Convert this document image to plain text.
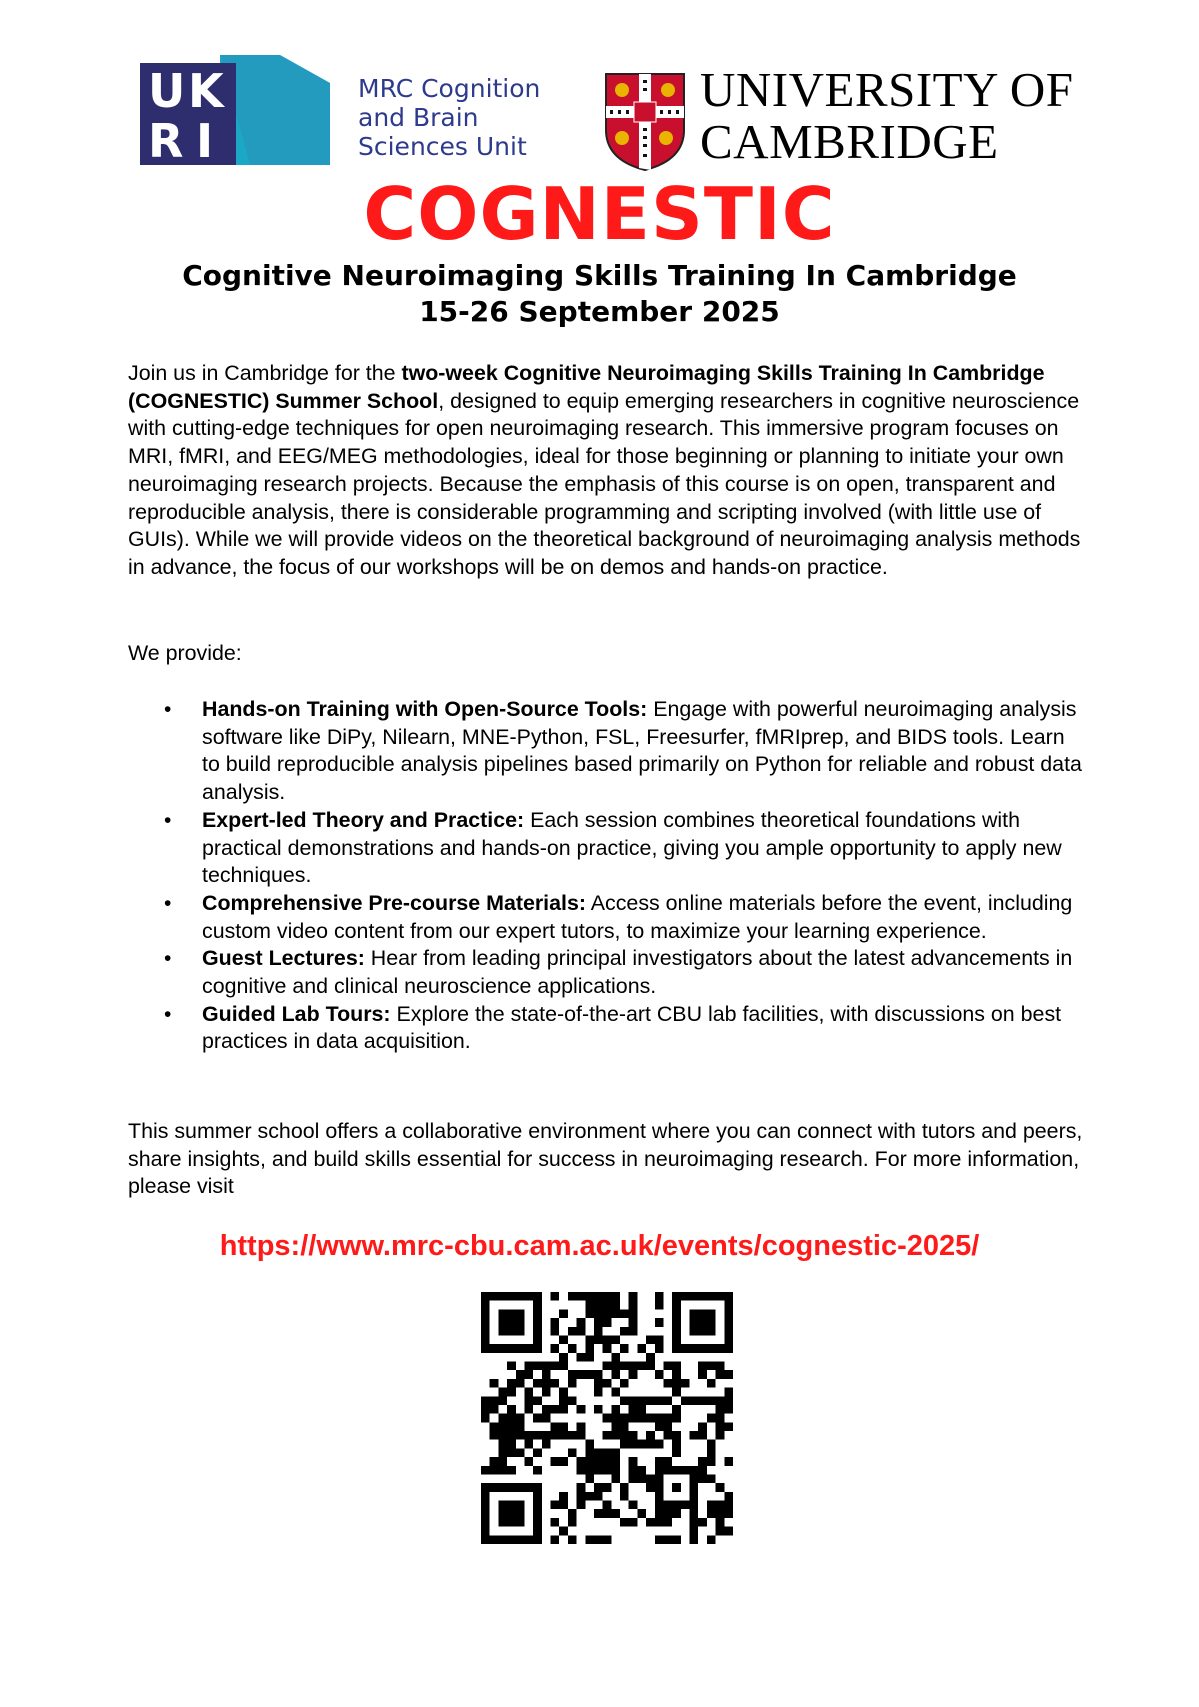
U K
R I
MRC Cognition
and Brain
Sciences Unit
UNIVERSITY OF
CAMBRIDGE
COGNESTIC
Cognitive Neuroimaging Skills Training In Cambridge
15-26 September 2025

Join us in Cambridge for the two-week Cognitive Neuroimaging Skills Training In Cambridge (COGNESTIC) Summer School, designed to equip emerging researchers in cognitive neuroscience with cutting-edge techniques for open neuroimaging research. This immersive program focuses on MRI, fMRI, and EEG/MEG methodologies, ideal for those beginning or planning to initiate your own neuroimaging research projects. Because the emphasis of this course is on open, transparent and reproducible analysis, there is considerable programming and scripting involved (with little use of GUIs). While we will provide videos on the theoretical background of neuroimaging analysis methods in advance, the focus of our workshops will be on demos and hands-on practice.

We provide:
• Hands-on Training with Open-Source Tools: Engage with powerful neuroimaging analysis software like DiPy, Nilearn, MNE-Python, FSL, Freesurfer, fMRIprep, and BIDS tools. Learn to build reproducible analysis pipelines based primarily on Python for reliable and robust data analysis.
• Expert-led Theory and Practice: Each session combines theoretical foundations with practical demonstrations and hands-on practice, giving you ample opportunity to apply new techniques.
• Comprehensive Pre-course Materials: Access online materials before the event, including custom video content from our expert tutors, to maximize your learning experience.
• Guest Lectures: Hear from leading principal investigators about the latest advancements in cognitive and clinical neuroscience applications.
• Guided Lab Tours: Explore the state-of-the-art CBU lab facilities, with discussions on best practices in data acquisition.
This summer school offers a collaborative environment where you can connect with tutors and peers, share insights, and build skills essential for success in neuroimaging research. For more information, please visit
https://www.mrc-cbu.cam.ac.uk/events/cognestic-2025/
